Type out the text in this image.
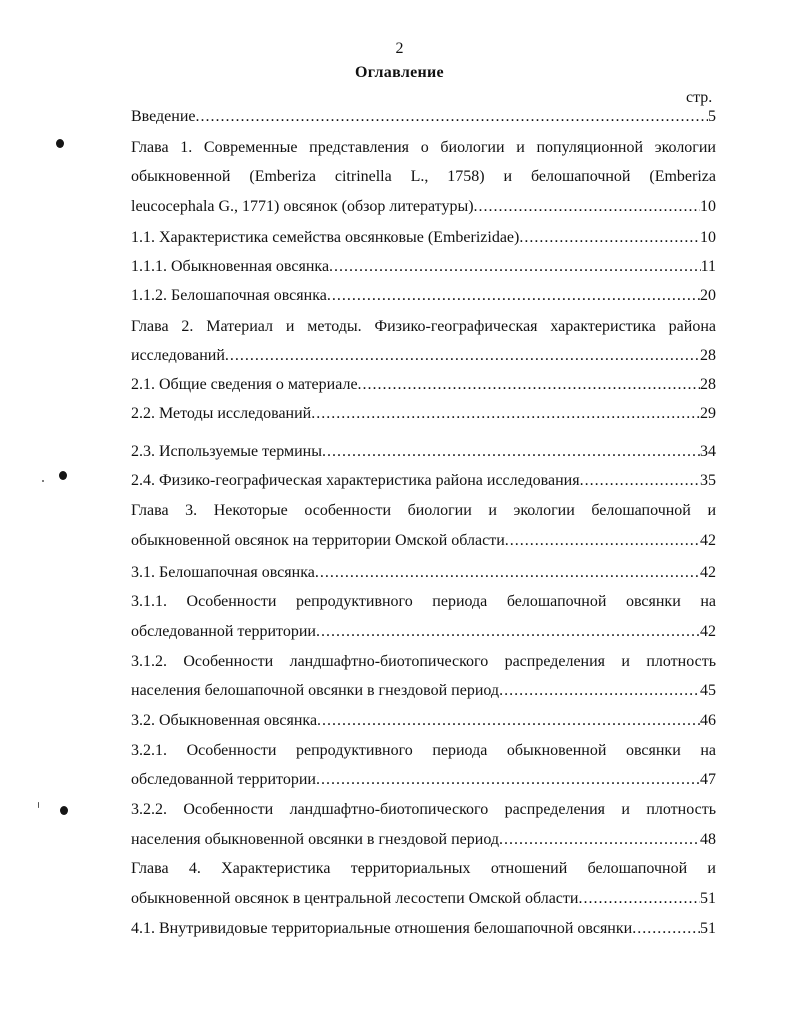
2
Оглавление
стр.
Введение .....	5
Глава 1. Современные представления о биологии и популяционной экологии
обыкновенной (Emberiza citrinella L., 1758) и белошапочной (Emberiza
leucocephala G., 1771) овсянок (обзор литературы) .....	10
1.1. Характеристика семейства овсянковые (Emberizidae) .....	10
1.1.1. Обыкновенная овсянка .....	11
1.1.2. Белошапочная овсянка .....	20
Глава 2. Материал и методы. Физико-географическая характеристика района
исследований .....	28
2.1. Общие сведения о материале .....	28
2.2. Методы исследований .....	29
2.3. Используемые термины .....	34
2.4. Физико-географическая характеристика района исследования .....	35
Глава 3. Некоторые особенности биологии и экологии белошапочной и
обыкновенной овсянок на территории Омской области .....	42
3.1. Белошапочная овсянка .....	42
3.1.1. Особенности репродуктивного периода белошапочной овсянки на
обследованной территории .....	42
3.1.2. Особенности ландшафтно-биотопического распределения и плотность
населения белошапочной овсянки в гнездовой период .....	45
3.2. Обыкновенная овсянка .....	46
3.2.1. Особенности репродуктивного периода обыкновенной овсянки на
обследованной территории .....	47
3.2.2. Особенности ландшафтно-биотопического распределения и плотность
населения обыкновенной овсянки в гнездовой период .....	48
Глава 4. Характеристика территориальных отношений белошапочной и
обыкновенной овсянок в центральной лесостепи Омской области .....	51
4.1. Внутривидовые территориальные отношения белошапочной овсянки .....	51
